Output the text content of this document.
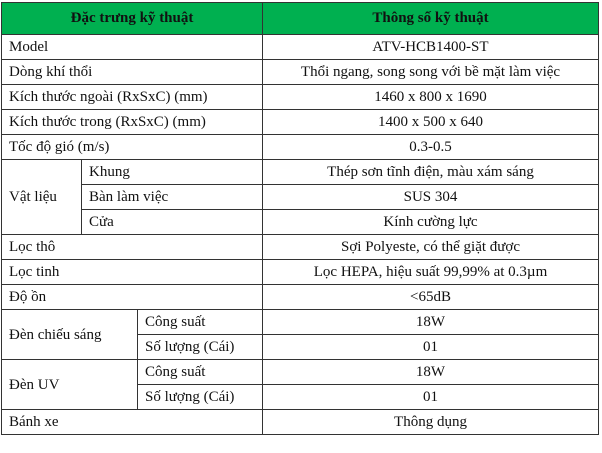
Đặc trưng kỹ thuật			Thông số kỹ thuật
Model			ATV-HCB1400-ST
Dòng khí thổi			Thổi ngang, song song với bề mặt làm việc
Kích thước ngoài (RxSxC) (mm)			1460 x 800 x 1690
Kích thước trong (RxSxC) (mm)			1400 x 500 x 640
Tốc độ gió (m/s)			0.3-0.5
Vật liệu	Khung		Thép sơn tĩnh điện, màu xám sáng
	Bàn làm việc		SUS 304
	Cửa		Kính cường lực
Lọc thô			Sợi Polyeste, có thể giặt được
Lọc tinh			Lọc HEPA, hiệu suất 99,99% at 0.3µm
Độ ồn			<65dB
Đèn chiếu sáng		Công suất	18W
		Số lượng (Cái)	01
Đèn UV		Công suất	18W
		Số lượng (Cái)	01
Bánh xe			Thông dụng
